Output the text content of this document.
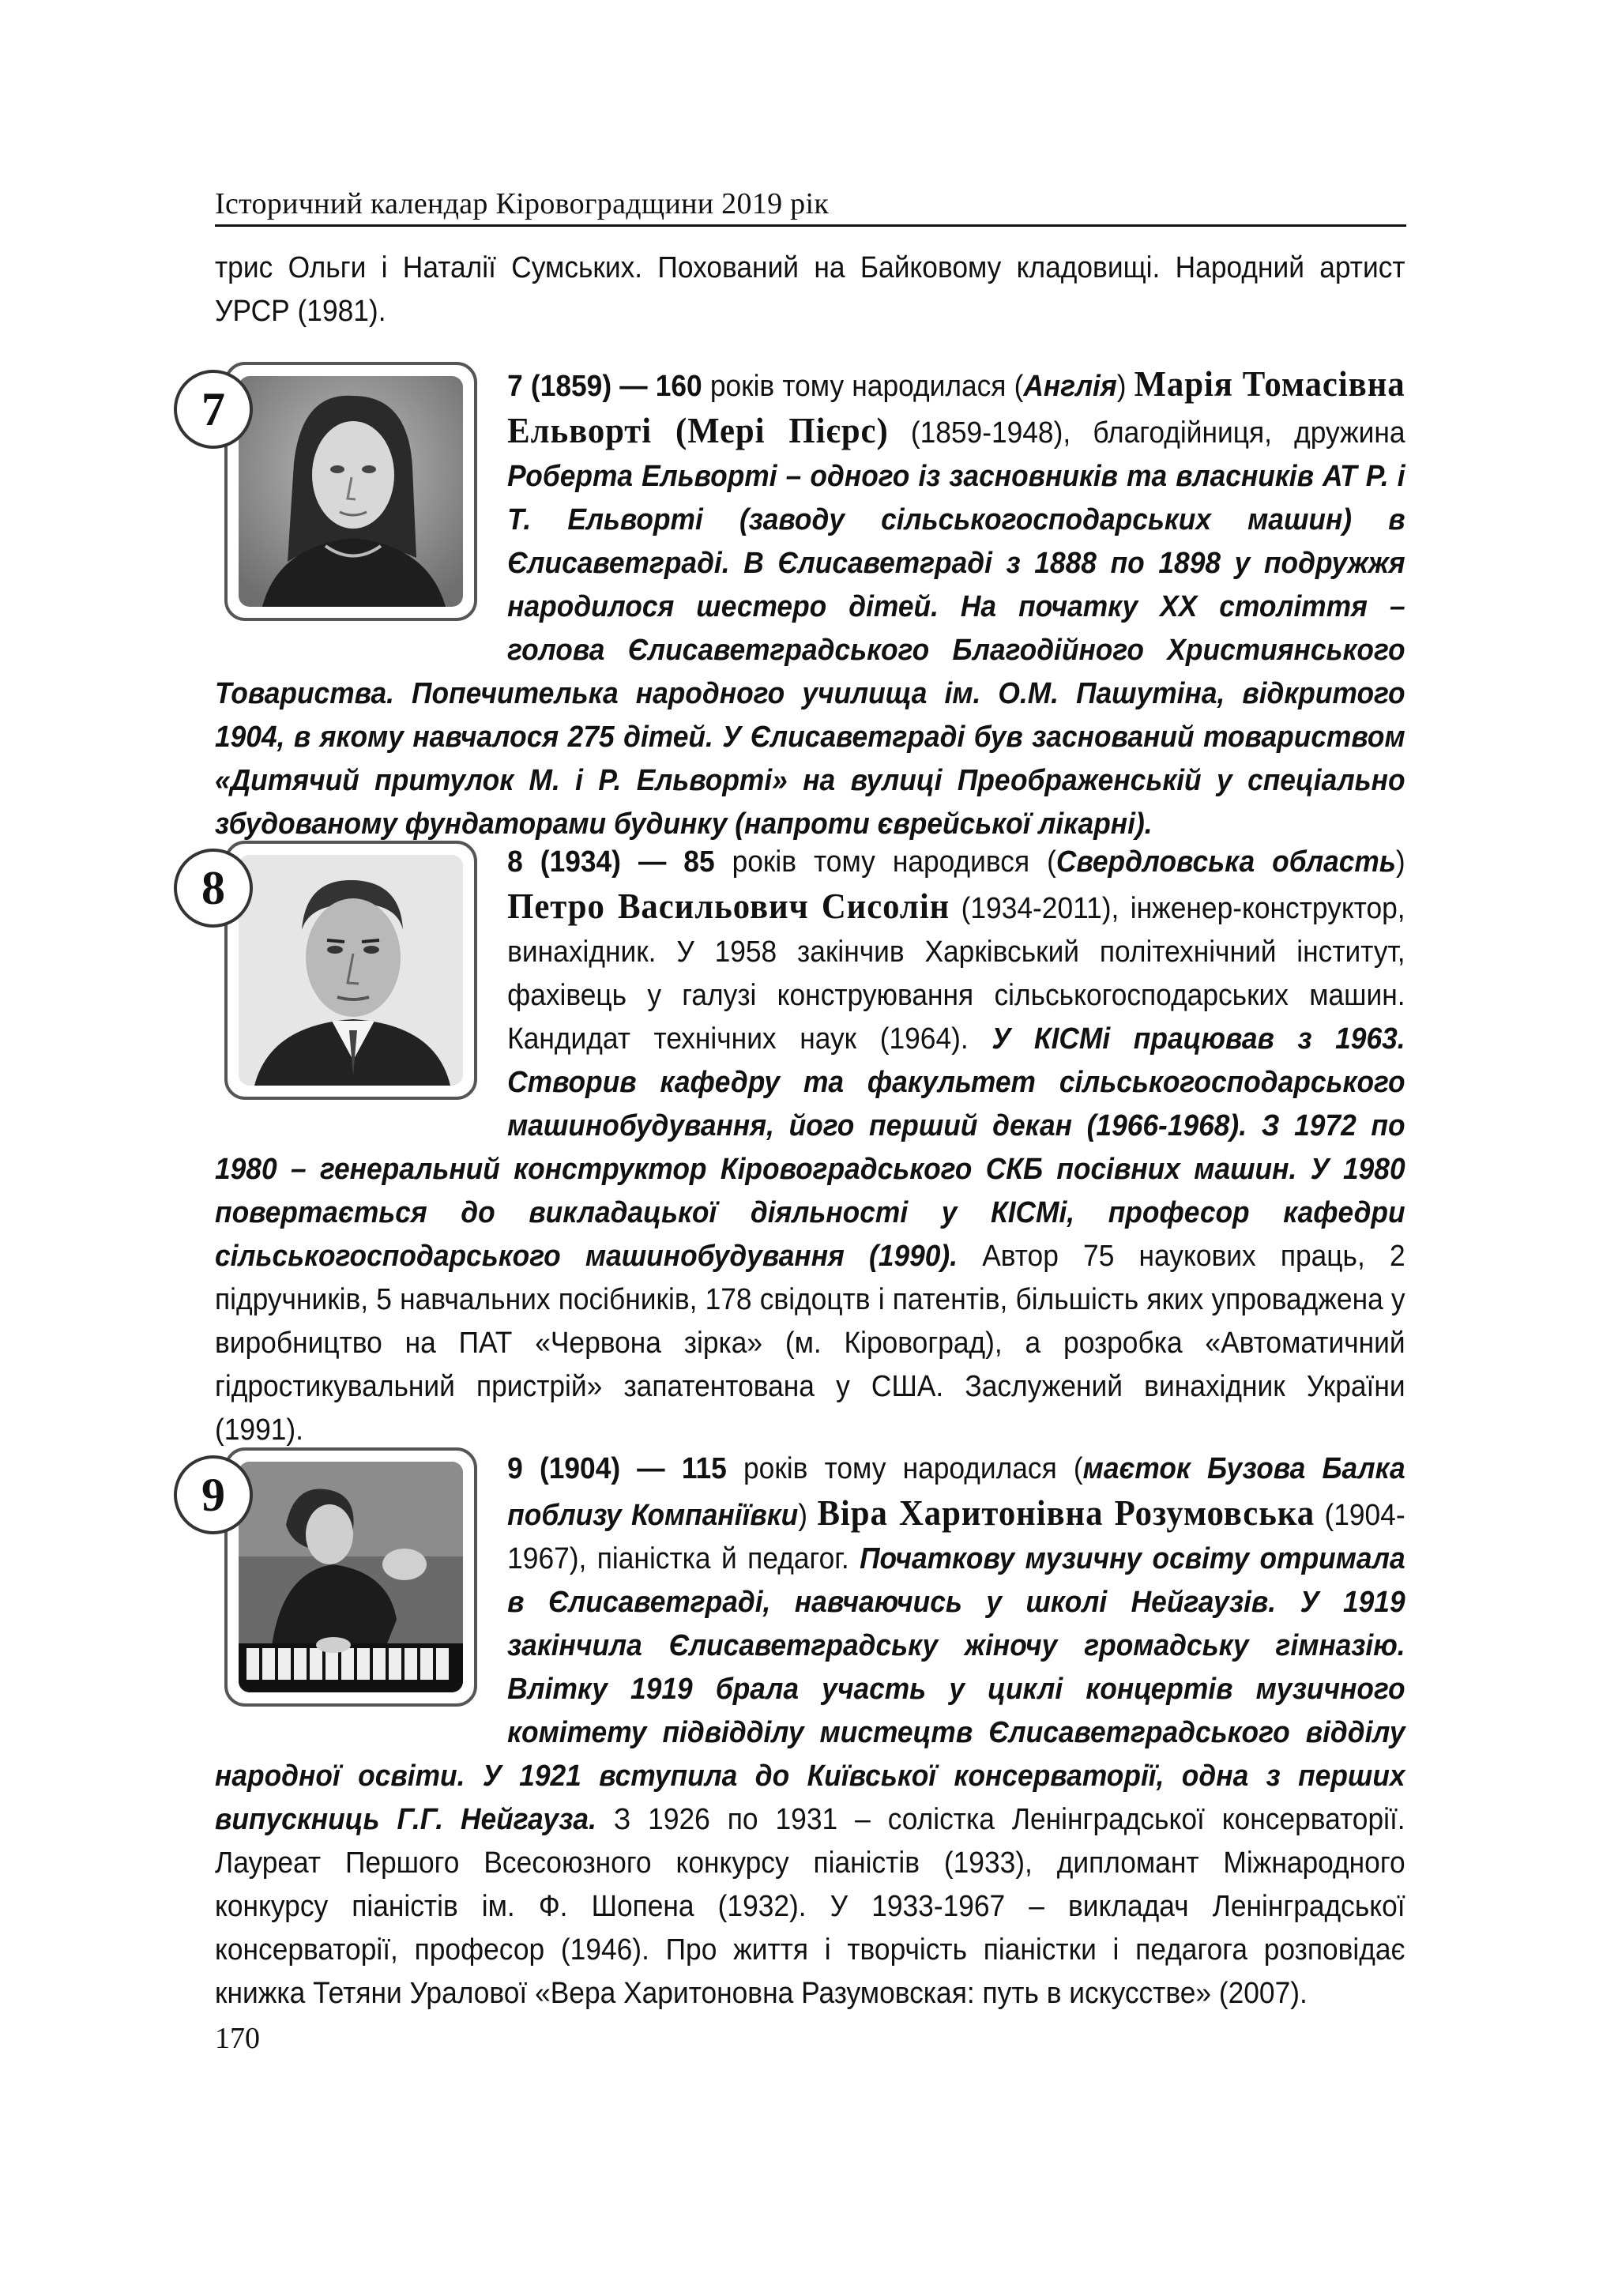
Історичний календар Кіровоградщини 2019 рік

трис Ольги і Наталії Сумських. Похований на Байковому кладовищі. Народний артист УРСР (1981).

7	7 (1859) — 160 років тому народилася (Англія) Марія Томасівна Ельворті (Мері Пієрс) (1859-1948), благодійниця, дружина Роберта Ельворті – одного із засновників та власників АТ Р. і Т. Ельворті (заводу сільськогосподарських машин) в Єлисаветграді. В Єлисаветграді з 1888 по 1898 у подружжя народилося шестеро дітей. На початку XX століття – голова Єлисаветградського Благодійного Християнського Товариства. Попечителька народного училища ім. О.М. Пашутіна, відкритого 1904, в якому навчалося 275 дітей. У Єлисаветграді був заснований товариством «Дитячий притулок М. і Р. Ельворті» на вулиці Преображенській у спеціально збудованому фундаторами будинку (напроти єврейської лікарні).

8	8 (1934) — 85 років тому народився (Свердловська область) Петро Васильович Сисолін (1934-2011), інженер-конструктор, винахідник. У 1958 закінчив Харківський політехнічний інститут, фахівець у галузі конструювання сільськогосподарських машин. Кандидат технічних наук (1964). У КІСМі працював з 1963. Створив кафедру та факультет сільськогосподарського машинобудування, його перший декан (1966-1968). З 1972 по 1980 – генеральний конструктор Кіровоградського СКБ посівних машин. У 1980 повертається до викладацької діяльності у КІСМі, професор кафедри сільськогосподарського машинобудування (1990). Автор 75 наукових праць, 2 підручників, 5 навчальних посібників, 178 свідоцтв і патентів, більшість яких упроваджена у виробництво на ПАТ «Червона зірка» (м. Кіровоград), а розробка «Автоматичний гідростикувальний пристрій» запатентована у США. Заслужений винахідник України (1991).

9	9 (1904) — 115 років тому народилася (маєток Бузова Балка поблизу Компаніївки) Віра Харитонівна Розумовська (1904-1967), піаністка й педагог. Початкову музичну освіту отримала в Єлисаветграді, навчаючись у школі Нейгаузів. У 1919 закінчила Єлисаветградську жіночу громадську гімназію. Влітку 1919 брала участь у циклі концертів музичного комітету підвідділу мистецтв Єлисаветградського відділу народної освіти. У 1921 вступила до Київської консерваторії, одна з перших випускниць Г.Г. Нейгауза. З 1926 по 1931 – солістка Ленінградської консерваторії. Лауреат Першого Всесоюзного конкурсу піаністів (1933), дипломант Міжнародного конкурсу піаністів ім. Ф. Шопена (1932). У 1933-1967 – викладач Ленінградської консерваторії, професор (1946). Про життя і творчість піаністки і педагога розповідає книжка Тетяни Уралової «Вера Харитоновна Разумовская: путь в искусстве» (2007).

170
